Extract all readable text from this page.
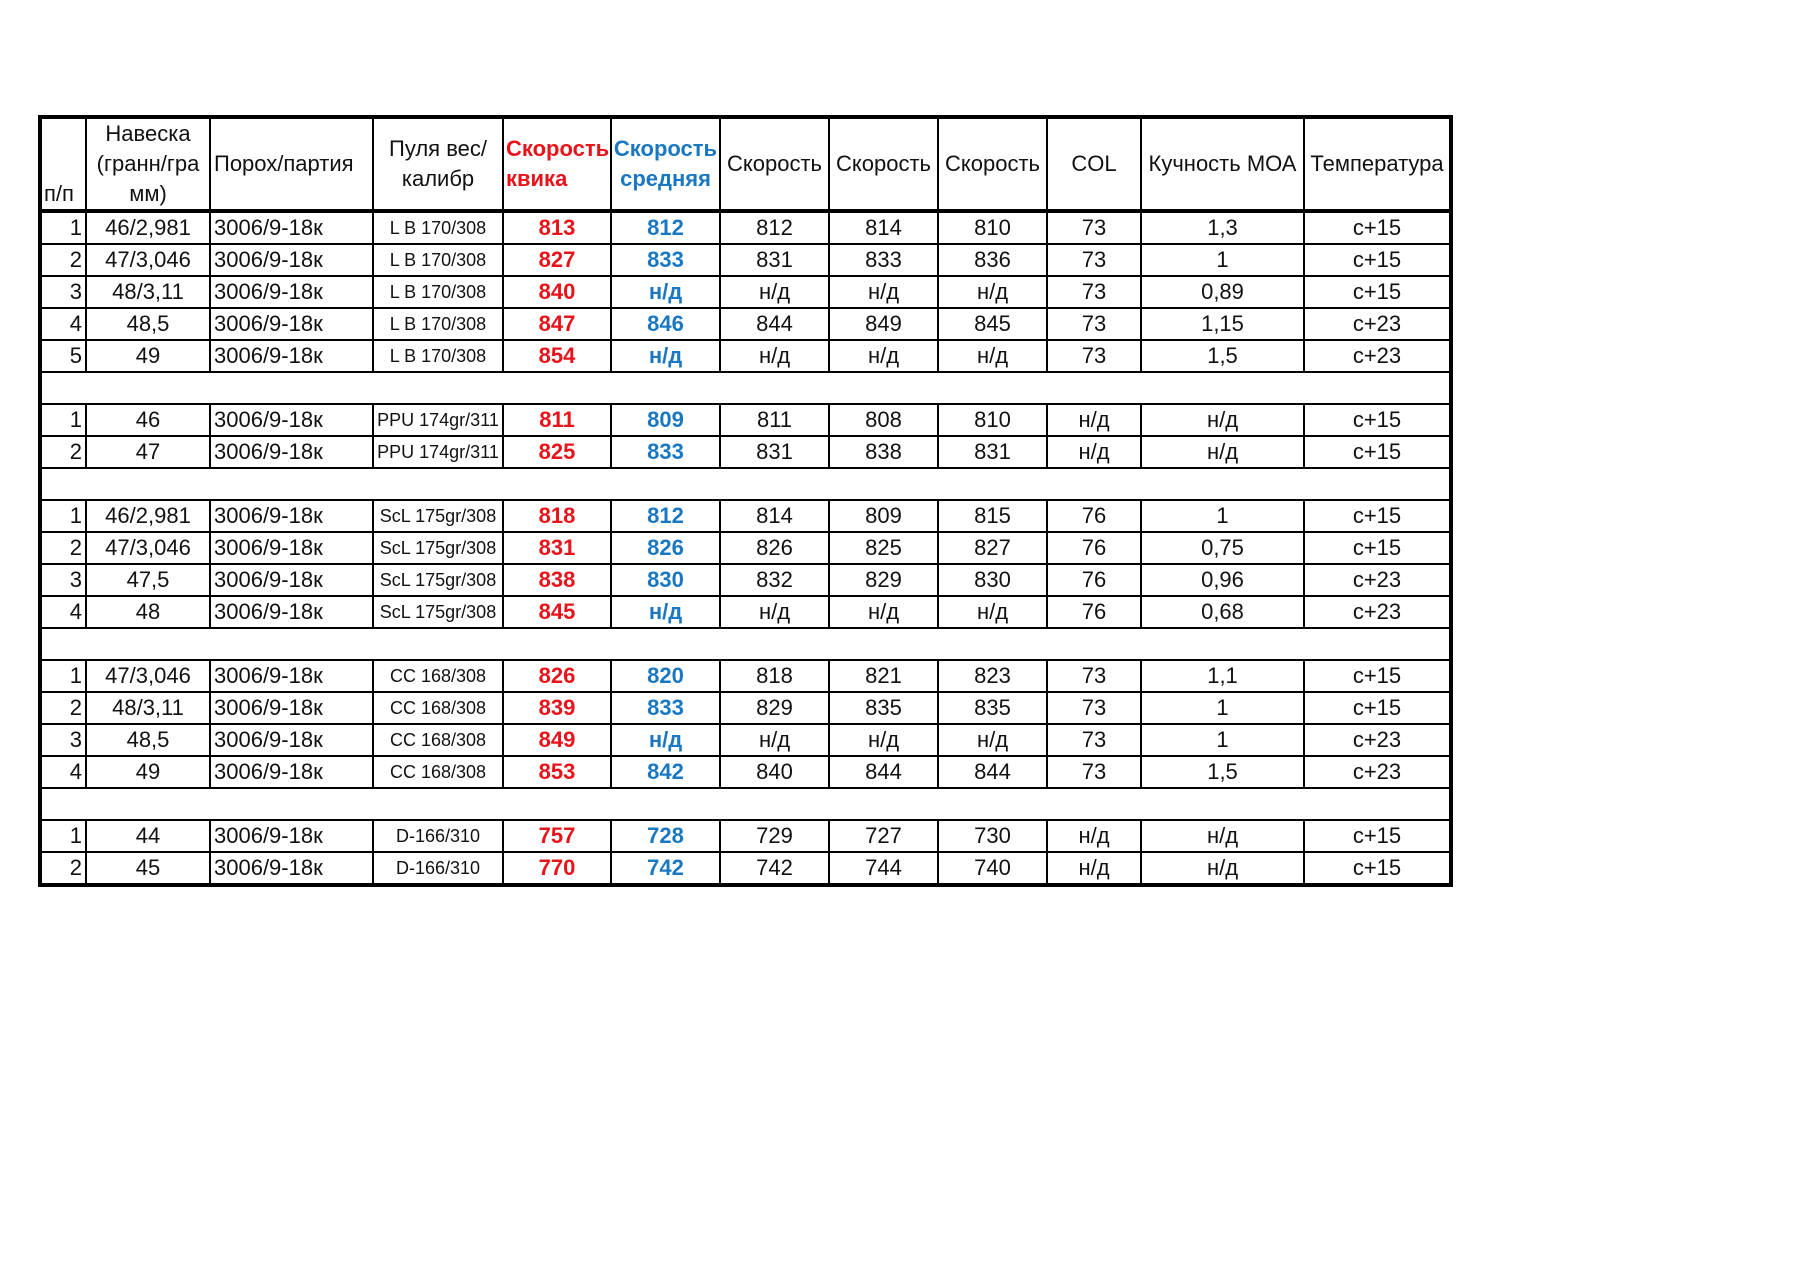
п/п	Навеска (гранн/гра мм)	Порох/партия	Пуля вес/калибр	Скорость квика	Скорость средняя	Скорость	Скорость	Скорость	COL	Кучность МОА	Температура
1	46/2,981	3006/9-18к	L B 170/308	813	812	812	814	810	73	1,3	с+15
2	47/3,046	3006/9-18к	L B 170/308	827	833	831	833	836	73	1	с+15
3	48/3,11	3006/9-18к	L B 170/308	840	н/д	н/д	н/д	н/д	73	0,89	с+15
4	48,5	3006/9-18к	L B 170/308	847	846	844	849	845	73	1,15	с+23
5	49	3006/9-18к	L B 170/308	854	н/д	н/д	н/д	н/д	73	1,5	с+23

1	46	3006/9-18к	PPU 174gr/311	811	809	811	808	810	н/д	н/д	с+15
2	47	3006/9-18к	PPU 174gr/311	825	833	831	838	831	н/д	н/д	с+15

1	46/2,981	3006/9-18к	ScL 175gr/308	818	812	814	809	815	76	1	с+15
2	47/3,046	3006/9-18к	ScL 175gr/308	831	826	826	825	827	76	0,75	с+15
3	47,5	3006/9-18к	ScL 175gr/308	838	830	832	829	830	76	0,96	с+23
4	48	3006/9-18к	ScL 175gr/308	845	н/д	н/д	н/д	н/д	76	0,68	с+23

1	47/3,046	3006/9-18к	CC 168/308	826	820	818	821	823	73	1,1	с+15
2	48/3,11	3006/9-18к	CC 168/308	839	833	829	835	835	73	1	с+15
3	48,5	3006/9-18к	CC 168/308	849	н/д	н/д	н/д	н/д	73	1	с+23
4	49	3006/9-18к	CC 168/308	853	842	840	844	844	73	1,5	с+23

1	44	3006/9-18к	D-166/310	757	728	729	727	730	н/д	н/д	с+15
2	45	3006/9-18к	D-166/310	770	742	742	744	740	н/д	н/д	с+15
